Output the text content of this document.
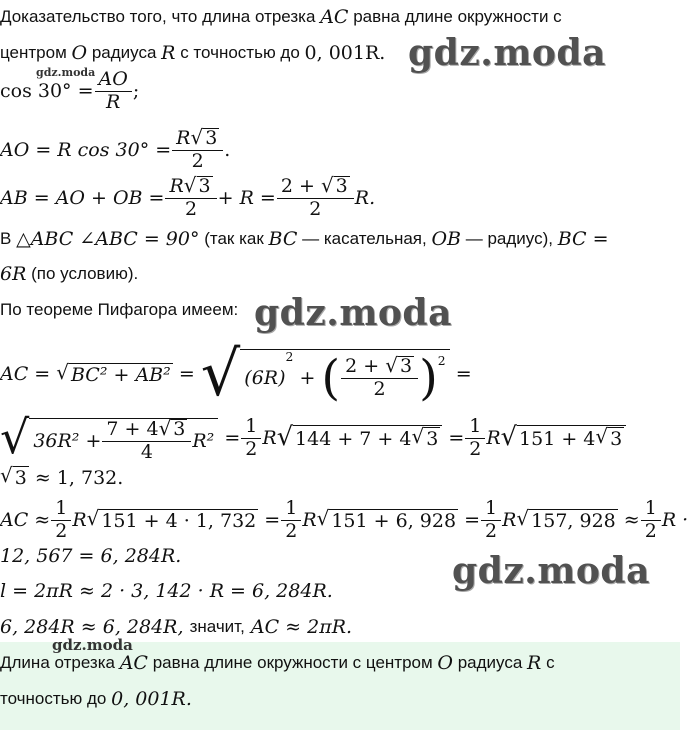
gdz.moda
gdz.moda
gdz.moda
gdz.moda
Доказательство того, что длина отрезка
AC
равна длине окружности с
центром
O
радиуса
R
с точностью до
0, 001R.
$\cos 30^\circ = \frac{AO}{R}$ ;
AO = R $\cos 30^\circ = \frac{R √ 3}{2}$ .
AB = AO + OB = $\frac{R √ 3}{2} + R = \frac{2 + √ 3}{2} R$.
В
△ABC ∠ABC = 90°
(так как
BC
— касательная,
OB
— радиус),
BC =
6R
(по условию).
По теореме Пифагора имеем:
AC =
√ BC² + AB²
=
√ (6R)
2

+
( $\frac{2 + √ 3}{2} )^2$

=
√ $36R^2 + \frac{7 + 4 √ 3}{4} R^2$
= $\frac{1}{2}$ R √ 144 + 7 + 4 √ 3
= $\frac{1}{2}$ R √ 151 + 4 √ 3
√ 3
≈ 1, 732.
AC ≈ $\frac{1}{2}$ R √ 151 + 4 · 1, 732
= $\frac{1}{2}$ R √ 151 + 6, 928
= $\frac{1}{2}$ R √ 157, 928
≈ $\frac{1}{2}$ R ·
12, 567 = 6, 284R.
l = 2πR ≈ 2 · 3, 142 · R = 6, 284R.
6, 284R ≈ 6, 284R,
значит,
AC ≈ 2πR.
gdz.moda
Длина отрезка
AC
равна длине окружности с центром
O
радиуса
R
с
точностью до
0, 001R.
